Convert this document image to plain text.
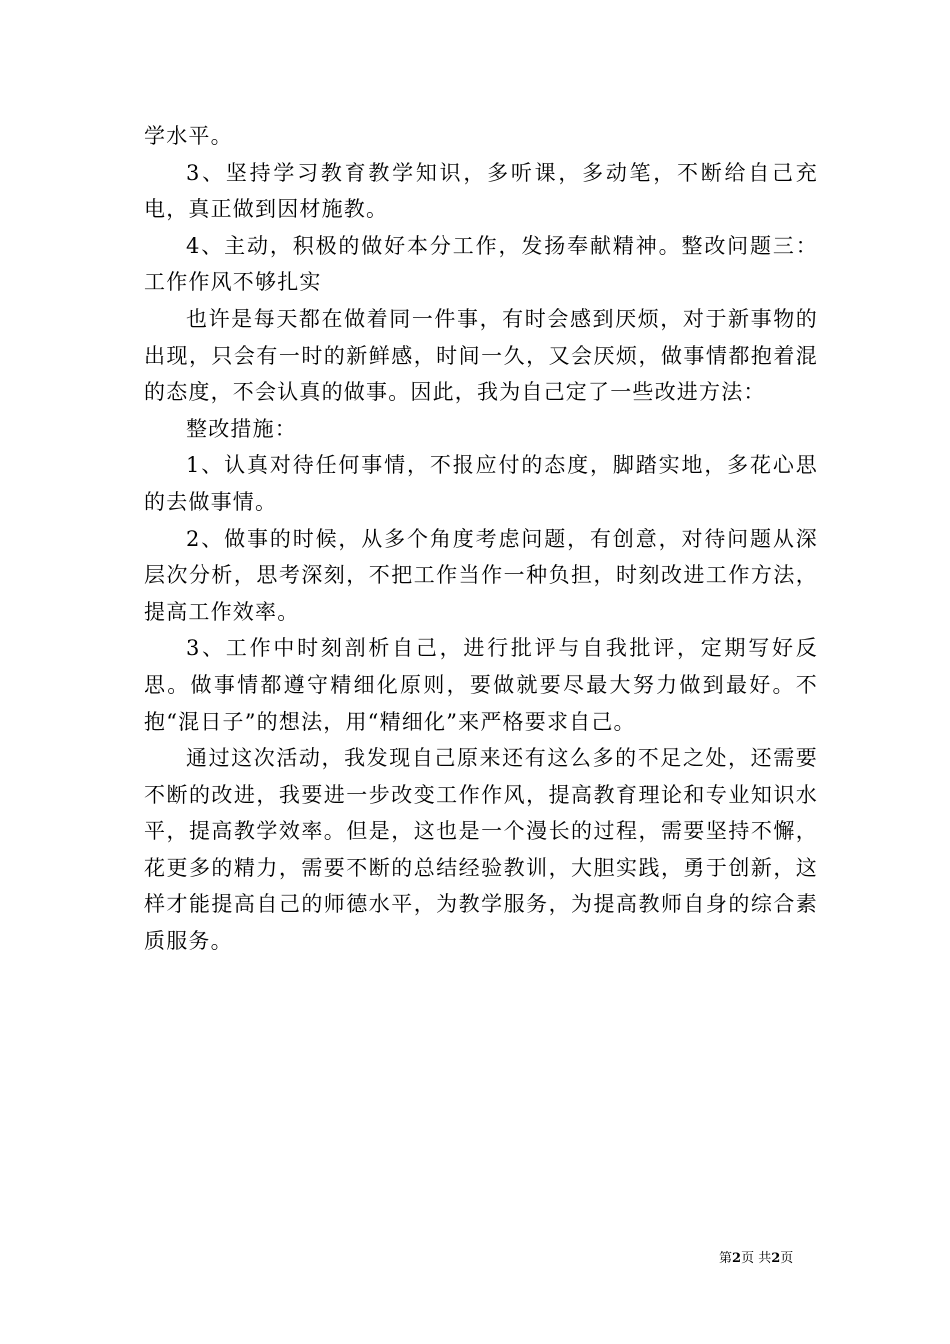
学水平。

3、坚持学习教育教学知识，多听课，多动笔，不断给自己充电，真正做到因材施教。

4、主动，积极的做好本分工作，发扬奉献精神。整改问题三：工作作风不够扎实

也许是每天都在做着同一件事，有时会感到厌烦，对于新事物的出现，只会有一时的新鲜感，时间一久，又会厌烦，做事情都抱着混的态度，不会认真的做事。因此，我为自己定了一些改进方法：

整改措施：

1、认真对待任何事情，不报应付的态度，脚踏实地，多花心思的去做事情。

2、做事的时候，从多个角度考虑问题，有创意，对待问题从深层次分析，思考深刻，不把工作当作一种负担，时刻改进工作方法，提高工作效率。

3、工作中时刻剖析自己，进行批评与自我批评，定期写好反思。做事情都遵守精细化原则，要做就要尽最大努力做到最好。不抱“混日子”的想法，用“精细化”来严格要求自己。

通过这次活动，我发现自己原来还有这么多的不足之处，还需要不断的改进，我要进一步改变工作作风，提高教育理论和专业知识水平，提高教学效率。但是，这也是一个漫长的过程，需要坚持不懈，花更多的精力，需要不断的总结经验教训，大胆实践，勇于创新，这样才能提高自己的师德水平，为教学服务，为提高教师自身的综合素质服务。

第2页 共2页
